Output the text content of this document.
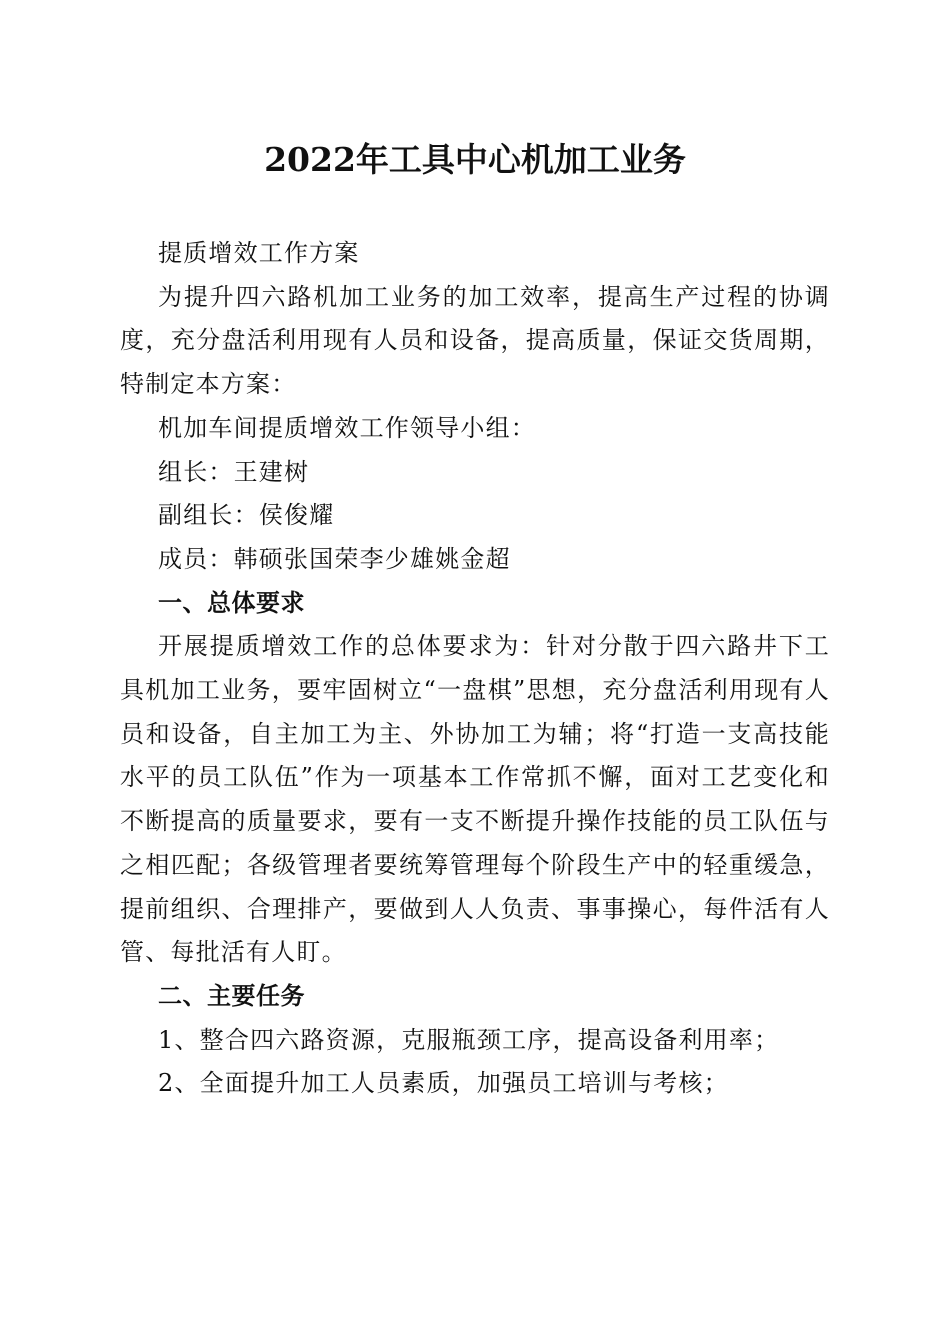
2022年工具中心机加工业务

提质增效工作方案

为提升四六路机加工业务的加工效率，提高生产过程的协调度，充分盘活利用现有人员和设备，提高质量，保证交货周期，特制定本方案：

机加车间提质增效工作领导小组：

组长：王建树

副组长：侯俊耀

成员：韩硕张国荣李少雄姚金超

一、总体要求

开展提质增效工作的总体要求为：针对分散于四六路井下工具机加工业务，要牢固树立“一盘棋”思想，充分盘活利用现有人员和设备，自主加工为主、外协加工为辅；将“打造一支高技能水平的员工队伍”作为一项基本工作常抓不懈，面对工艺变化和不断提高的质量要求，要有一支不断提升操作技能的员工队伍与之相匹配；各级管理者要统筹管理每个阶段生产中的轻重缓急，提前组织、合理排产，要做到人人负责、事事操心，每件活有人管、每批活有人盯。

二、主要任务

1、整合四六路资源，克服瓶颈工序，提高设备利用率；

2、全面提升加工人员素质，加强员工培训与考核；
